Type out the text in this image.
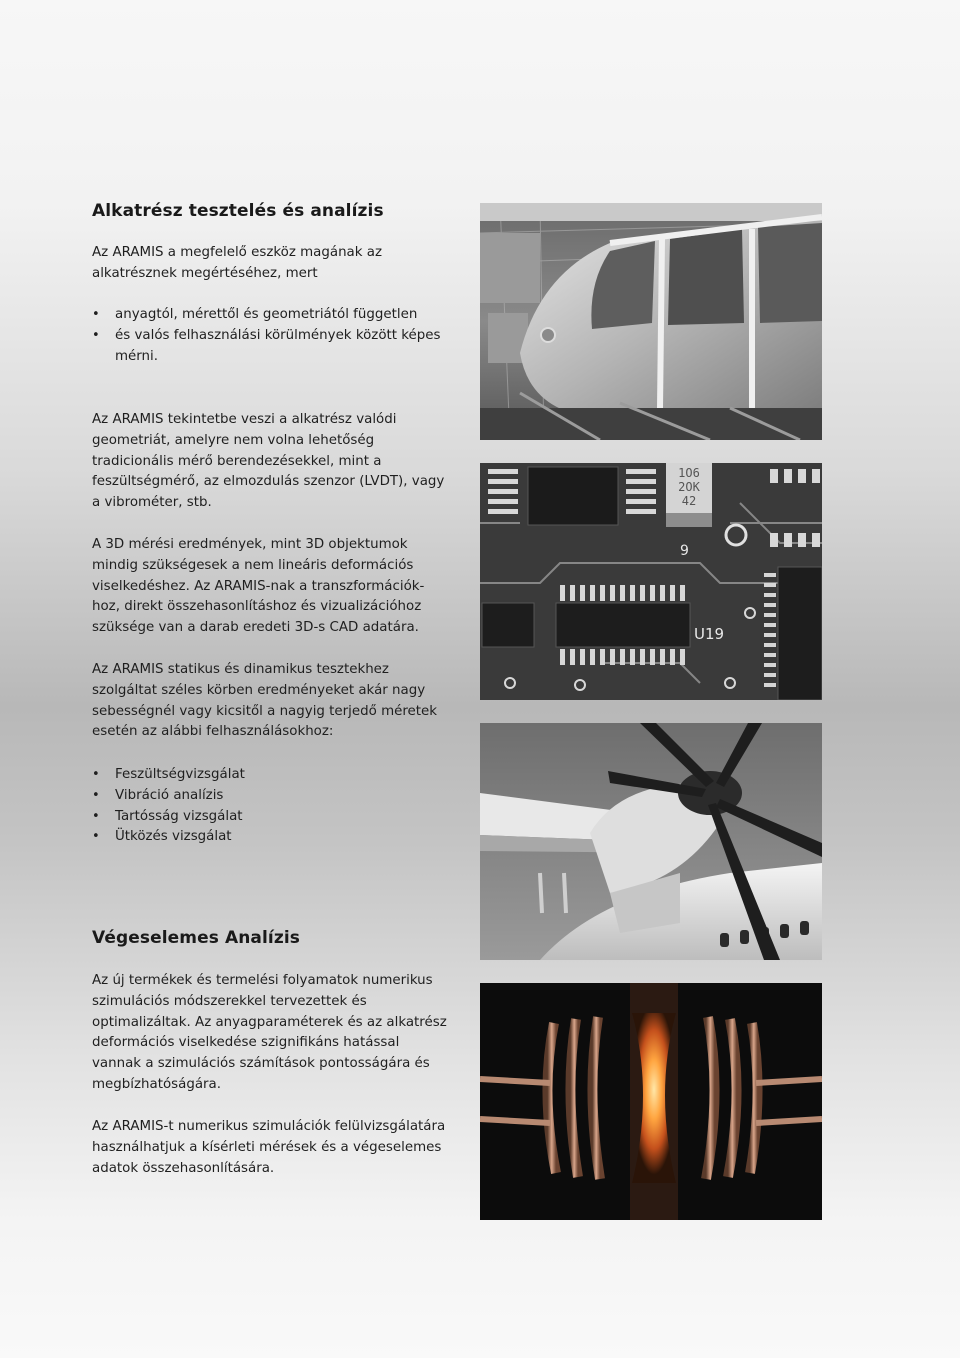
Alkatrész tesztelés és analízis

Az ARAMIS a megfelelő eszköz magának az alkatrésznek megértéséhez, mert

• anyagtól, mérettől és geometriától független
• és valós felhasználási körülmények között képes mérni.

Az ARAMIS tekintetbe veszi a alkatrész valódi geometriát, amelyre nem volna lehetőség tradicionális mérő berendezésekkel, mint a feszültségmérő, az elmozdulás szenzor (LVDT), vagy a vibrométer, stb.

A 3D mérési eredmények, mint 3D objektumok mindig szükségesek a nem lineáris deformációs viselkedéshez. Az ARAMIS-nak a transzformációk-hoz, direkt összehasonlításhoz és vizualizációhoz szüksége van a darab eredeti 3D-s CAD adatára.

Az ARAMIS statikus és dinamikus tesztekhez szolgáltat széles körben eredményeket akár nagy sebességnél vagy kicsitől a nagyig terjedő méretek esetén az alábbi felhasználásokhoz:

• Feszültségvizsgálat
• Vibráció analízis
• Tartósság vizsgálat
• Ütközés vizsgálat
Végeselemes Analízis

Az új termékek és termelési folyamatok numerikus szimulációs módszerekkel tervezettek és optimalizáltak. Az anyagparaméterek és az alkatrész deformációs viselkedése szignifikáns hatással vannak a szimulációs számítások pontosságára és megbízhatóságára.

Az ARAMIS-t numerikus szimulációk felülvizsgálatára használhatjuk a kísérleti mérések és a végeselemes adatok összehasonlítására.

1O6
2OK
42
9
U19
